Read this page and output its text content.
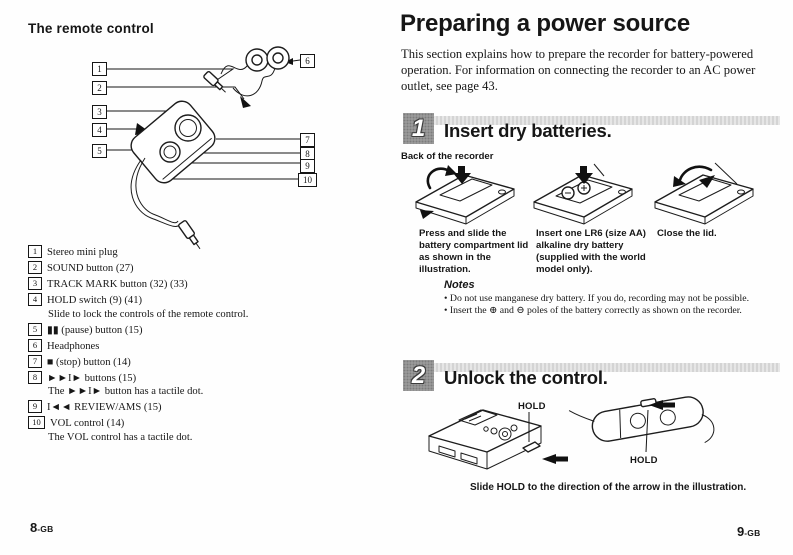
The remote control
1
2
3
4
5
6
7
8
9
10
1 Stereo mini plug
2 SOUND button (27)
3 TRACK MARK button (32) (33)
4 HOLD switch (9) (41)
Slide to lock the controls of the remote control.
5 ▮▮ (pause) button (15)
6 Headphones
7 ■ (stop) button (14)
8 ►►I► buttons (15)
The ►►I► button has a tactile dot.
9 I◄◄ REVIEW/AMS (15)
10 VOL control (14)
The VOL control has a tactile dot.
8-GB
Preparing a power source
This section explains how to prepare the recorder for battery-powered operation. For information on connecting the recorder to an AC power outlet, see page 43.
1	Insert dry batteries.
Back of the recorder
Press and slide the battery compartment lid as shown in the illustration.
Insert one LR6 (size AA) alkaline dry battery (supplied with the world model only).
Close the lid.
Notes
• Do not use manganese dry battery. If you do, recording may not be possible.
• Insert the ⊕ and ⊖ poles of the battery correctly as shown on the recorder.
2	Unlock the control.
HOLD
HOLD
Slide HOLD to the direction of the arrow in the illustration.
9-GB
